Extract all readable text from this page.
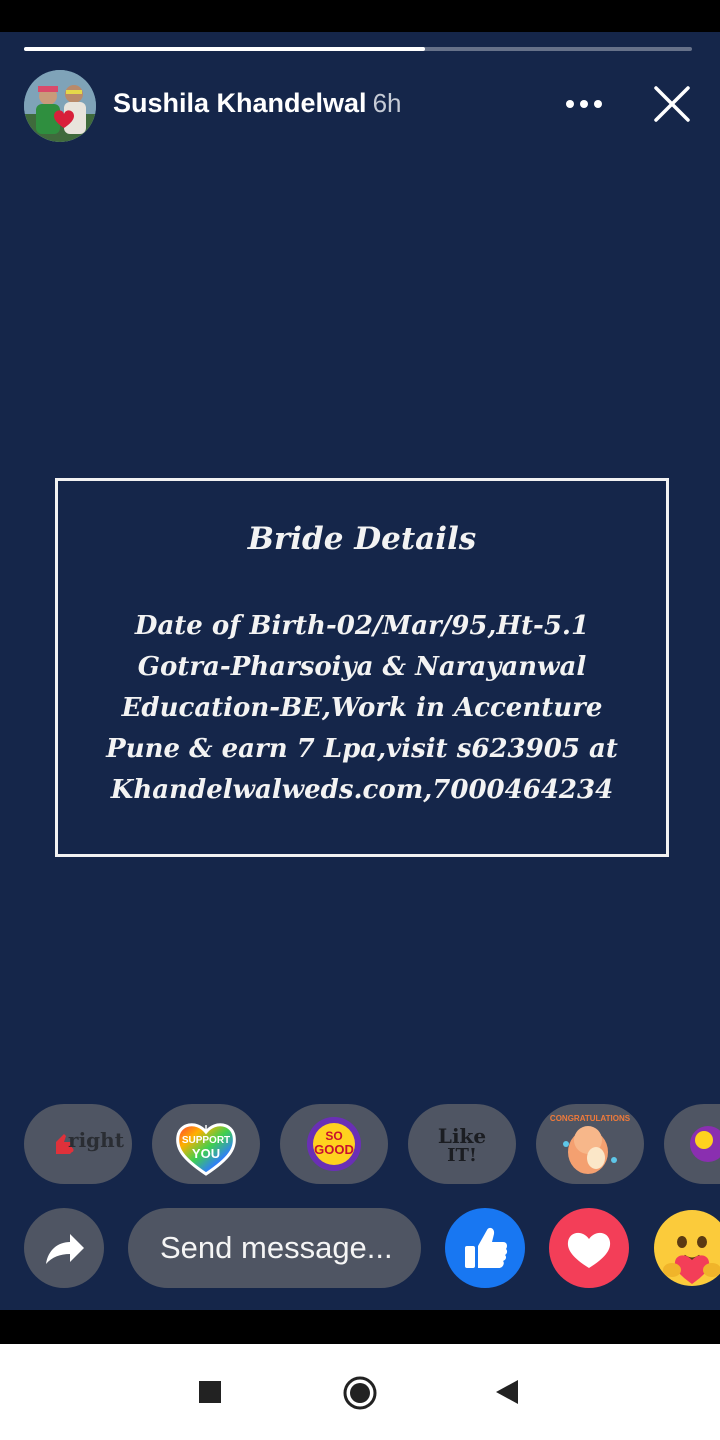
Sushila Khandelwal 6h
Bride Details
Date of Birth-02/Mar/95,Ht-5.1
Gotra-Pharsoiya & Narayanwal
Education-BE,Work in Accenture
Pune & earn 7 Lpa,visit s623905 at
Khandelwalweds.com,7000464234
right	I
SUPPORT
YOU
SO
GOOD
Like
IT!
CONGRATULATIONS
Send message...
